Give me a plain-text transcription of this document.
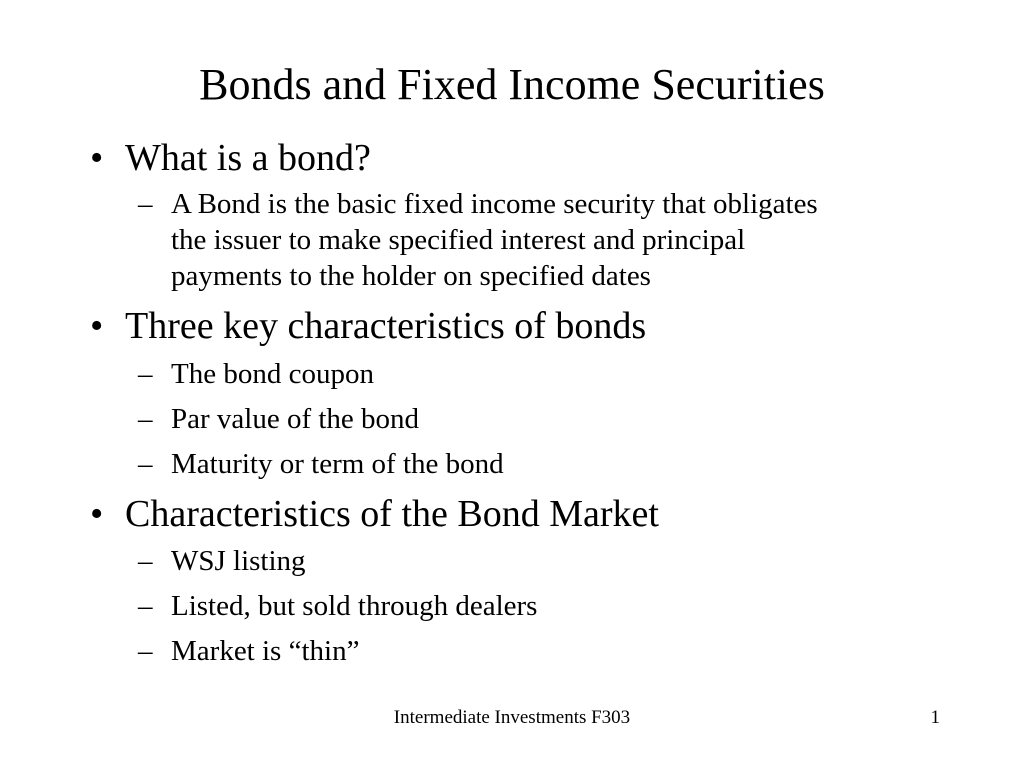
Bonds and Fixed Income Securities
• What is a bond?
– A Bond is the basic fixed income security that obligates
the issuer to make specified interest and principal
payments to the holder on specified dates
• Three key characteristics of bonds
– The bond coupon
– Par value of the bond
– Maturity or term of the bond
• Characteristics of the Bond Market
– WSJ listing
– Listed, but sold through dealers
– Market is “thin”
Intermediate Investments F303	1
